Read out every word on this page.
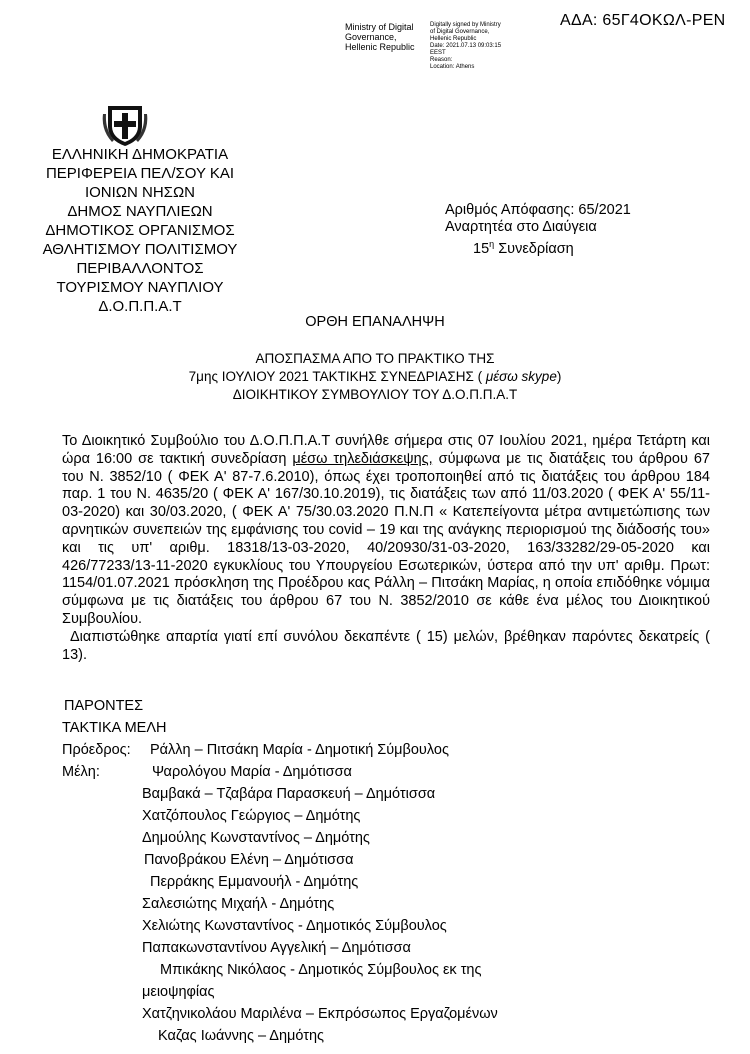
ΑΔΑ: 65Γ4ΟΚΩΛ-ΡΕΝ
Ministry of Digital
Governance,
Hellenic Republic
Digitally signed by Ministry
of Digital Governance,
Hellenic Republic
Date: 2021.07.13 09:03:15
EEST
Reason:
Location: Athens
ΕΛΛΗΝΙΚΗ ΔΗΜΟΚΡΑΤΙΑ
ΠΕΡΙΦΕΡΕΙΑ ΠΕΛ/ΣΟΥ ΚΑΙ
ΙΟΝΙΩΝ ΝΗΣΩΝ
ΔΗΜΟΣ ΝΑΥΠΛΙΕΩΝ
ΔΗΜΟΤΙΚΟΣ ΟΡΓΑΝΙΣΜΟΣ
ΑΘΛΗΤΙΣΜΟΥ ΠΟΛΙΤΙΣΜΟΥ
ΠΕΡΙΒΑΛΛΟΝΤΟΣ
ΤΟΥΡΙΣΜΟΥ ΝΑΥΠΛΙΟΥ
Δ.Ο.Π.Π.Α.Τ
Αριθμός Απόφασης: 65/2021
Αναρτητέα στο Διαύγεια
$15^\eta$ Συνεδρίαση
ΟΡΘΗ ΕΠΑΝΑΛΗΨΗ
ΑΠΟΣΠΑΣΜΑ ΑΠΟ ΤΟ ΠΡΑΚΤΙΚΟ ΤΗΣ
7μης ΙΟΥΛΙΟΥ 2021 ΤΑΚΤΙΚΗΣ ΣΥΝΕΔΡΙΑΣΗΣ ( μέσω skype)
ΔΙΟΙΚΗΤΙΚΟΥ ΣΥΜΒΟΥΛΙΟΥ ΤΟΥ Δ.Ο.Π.Π.Α.Τ

Το Διοικητικό Συμβούλιο του Δ.Ο.Π.Π.Α.Τ συνήλθε σήμερα στις 07 Ιουλίου 2021, ημέρα Τετάρτη και ώρα 16:00 σε τακτική συνεδρίαση μέσω τηλεδιάσκεψης, σύμφωνα με τις διατάξεις του άρθρου 67 του Ν. 3852/10 ( ΦΕΚ Α' 87-7.6.2010), όπως έχει τροποποιηθεί από τις διατάξεις του άρθρου 184 παρ. 1 του Ν. 4635/20 ( ΦΕΚ Α' 167/30.10.2019), τις διατάξεις των από 11/03.2020 ( ΦΕΚ Α' 55/11-03-2020) και 30/03.2020, ( ΦΕΚ Α' 75/30.03.2020 Π.Ν.Π « Κατεπείγοντα μέτρα αντιμετώπισης των αρνητικών συνεπειών της εμφάνισης του covid – 19 και της ανάγκης περιορισμού της διάδοσής του» και τις υπ' αριθμ. 18318/13-03-2020, 40/20930/31-03-2020, 163/33282/29-05-2020 και 426/77233/13-11-2020 εγκυκλίους του Υπουργείου Εσωτερικών, ύστερα από την υπ' αριθμ. Πρωτ: 1154/01.07.2021 πρόσκληση της Προέδρου κας Ράλλη – Πιτσάκη Μαρίας, η οποία επιδόθηκε νόμιμα σύμφωνα με τις διατάξεις του άρθρου 67 του Ν. 3852/2010 σε κάθε ένα μέλος του Διοικητικού Συμβουλίου.

Διαπιστώθηκε απαρτία γιατί επί συνόλου δεκαπέντε ( 15) μελών, βρέθηκαν παρόντες δεκατρείς ( 13).

ΠΑΡΟΝΤΕΣ
ΤΑΚΤΙΚΑ ΜΕΛΗ
Πρόεδρος: Ράλλη – Πιτσάκη Μαρία - Δημοτική Σύμβουλος
Μέλη:	Ψαρολόγου Μαρία - Δημότισσα
Βαμβακά – Τζαβάρα Παρασκευή – Δημότισσα
Χατζόπουλος Γεώργιος – Δημότης
Δημούλης Κωνσταντίνος – Δημότης
Πανοβράκου Ελένη – Δημότισσα
Περράκης Εμμανουήλ - Δημότης
Σαλεσιώτης Μιχαήλ - Δημότης
Χελιώτης Κωνσταντίνος - Δημοτικός Σύμβουλος
Παπακωνσταντίνου Αγγελική – Δημότισσα
Μπικάκης Νικόλαος - Δημοτικός Σύμβουλος εκ της
μειοψηφίας
Χατζηνικολάου Μαριλένα – Εκπρόσωπος Εργαζομένων
Καζας Ιωάννης – Δημότης
